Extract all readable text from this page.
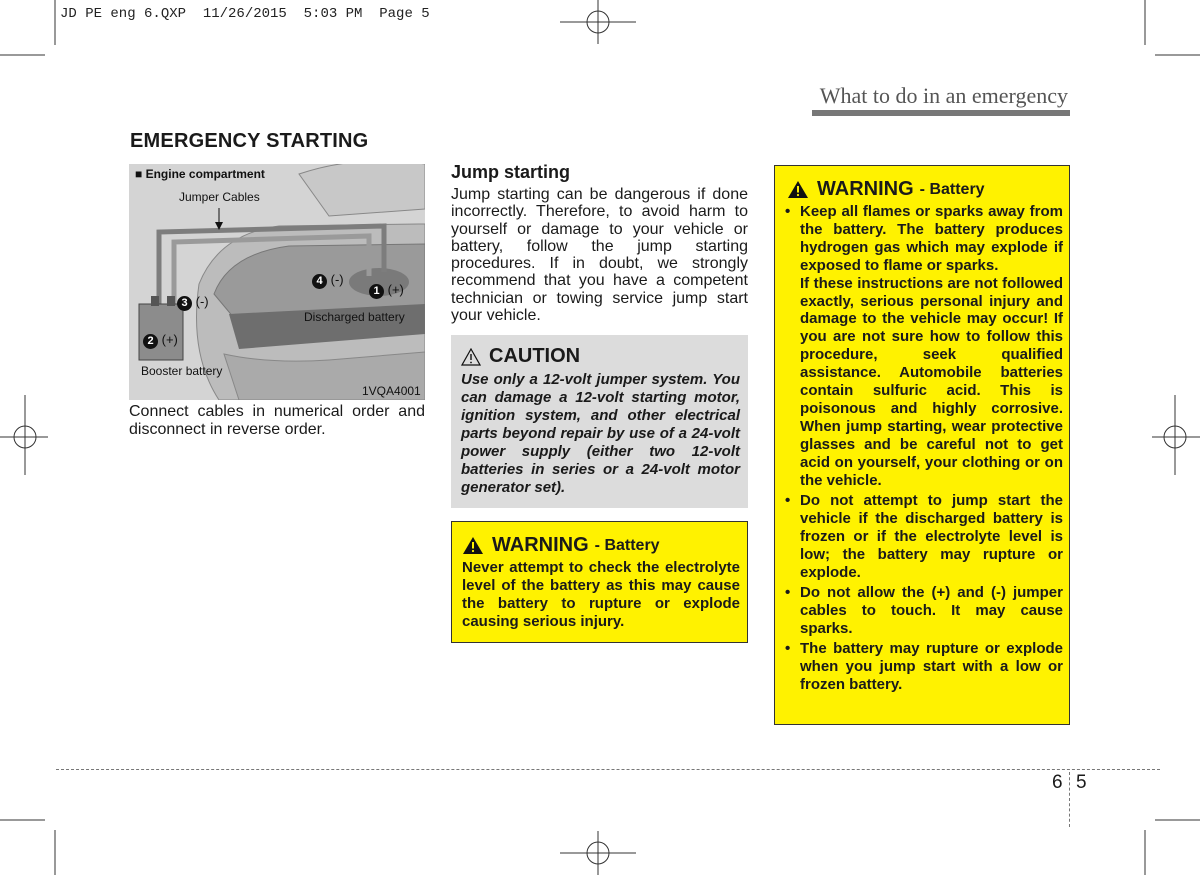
JD PE eng 6.QXP  11/26/2015  5:03 PM  Page 5
What to do in an emergency
EMERGENCY STARTING
■ Engine compartment
Jumper Cables
Discharged battery
Booster battery
1VQA4001
1 (+)
2 (+)
3 (-)
4 (-)
Connect cables in numerical order and disconnect in reverse order.
Jump starting
Jump starting can be dangerous if done incorrectly. Therefore, to avoid harm to yourself or damage to your vehicle or battery, follow the jump starting procedures. If in doubt, we strongly recommend that you have a competent technician or towing service jump start your vehicle.
CAUTION
Use only a 12-volt jumper system. You can damage a 12-volt starting motor, ignition system, and other electrical parts beyond repair by use of a 24-volt power supply (either two 12-volt batteries in series or a 24-volt motor generator set).
WARNING - Battery
Never attempt to check the electrolyte level of the battery as this may cause the battery to rupture or explode causing serious injury.
WARNING - Battery
• Keep all flames or sparks away from the battery. The battery produces hydrogen gas which may explode if exposed to flame or sparks.
If these instructions are not followed exactly, serious personal injury and damage to the vehicle may occur! If you are not sure how to follow this procedure, seek qualified assistance. Automobile batteries contain sulfuric acid. This is poisonous and highly corrosive. When jump starting, wear protective glasses and be careful not to get acid on yourself, your clothing or on the vehicle.
• Do not attempt to jump start the vehicle if the discharged battery is frozen or if the electrolyte level is low; the battery may rupture or explode.
• Do not allow the (+) and (-) jumper cables to touch. It may cause sparks.
• The battery may rupture or explode when you jump start with a low or frozen battery.
6 5
